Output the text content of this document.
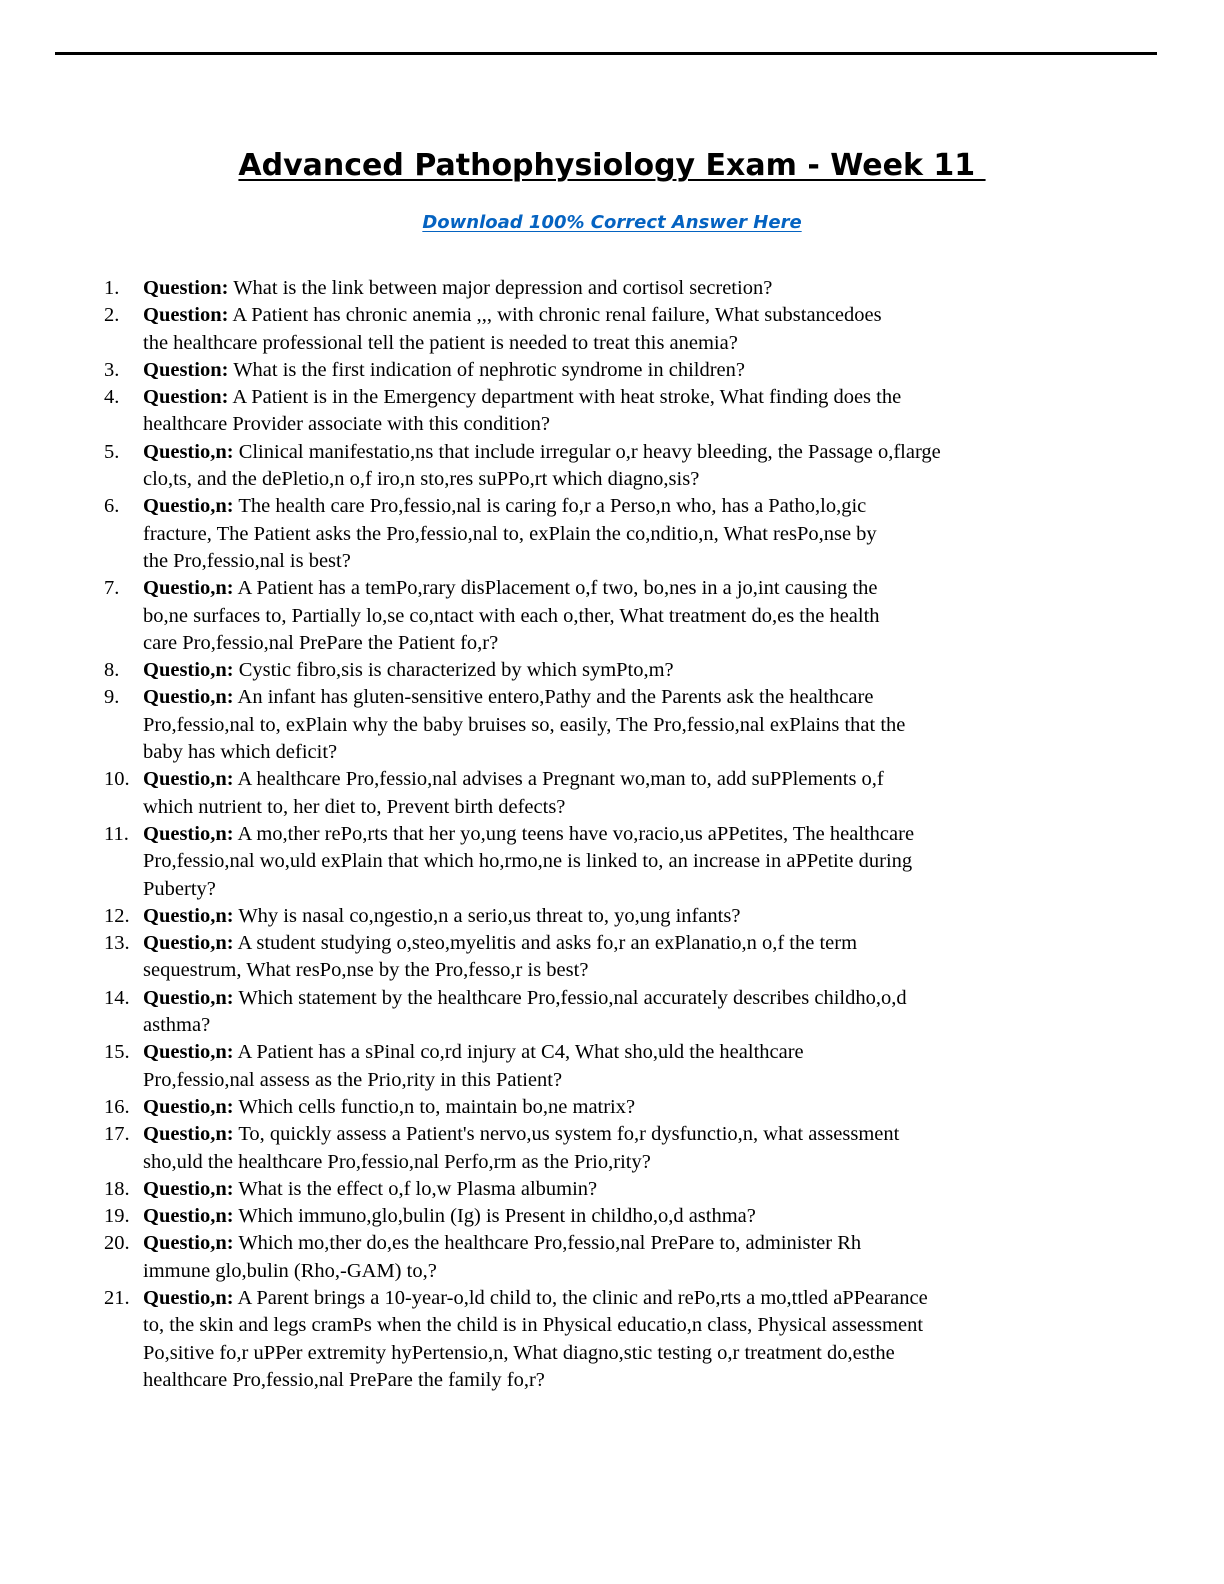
Advanced Pathophysiology Exam - Week 11
Download 100% Correct Answer Here
1. Question: What is the link between major depression and cortisol secretion?
2. Question: A Patient has chronic anemia ,,, with chronic renal failure, What substancedoes
the healthcare professional tell the patient is needed to treat this anemia?
3. Question: What is the first indication of nephrotic syndrome in children?
4. Question: A Patient is in the Emergency department with heat stroke, What finding does the
healthcare Provider associate with this condition?
5. Questio,n: Clinical manifestatio,ns that include irregular o,r heavy bleeding, the Passage o,flarge
clo,ts, and the dePletio,n o,f iro,n sto,res suPPo,rt which diagno,sis?
6. Questio,n: The health care Pro,fessio,nal is caring fo,r a Perso,n who, has a Patho,lo,gic
fracture, The Patient asks the Pro,fessio,nal to, exPlain the co,nditio,n, What resPo,nse by
the Pro,fessio,nal is best?
7. Questio,n: A Patient has a temPo,rary disPlacement o,f two, bo,nes in a jo,int causing the
bo,ne surfaces to, Partially lo,se co,ntact with each o,ther, What treatment do,es the health
care Pro,fessio,nal PrePare the Patient fo,r?
8. Questio,n: Cystic fibro,sis is characterized by which symPto,m?
9. Questio,n: An infant has gluten-sensitive entero,Pathy and the Parents ask the healthcare
Pro,fessio,nal to, exPlain why the baby bruises so, easily, The Pro,fessio,nal exPlains that the
baby has which deficit?
10. Questio,n: A healthcare Pro,fessio,nal advises a Pregnant wo,man to, add suPPlements o,f
which nutrient to, her diet to, Prevent birth defects?
11. Questio,n: A mo,ther rePo,rts that her yo,ung teens have vo,racio,us aPPetites, The healthcare
Pro,fessio,nal wo,uld exPlain that which ho,rmo,ne is linked to, an increase in aPPetite during
Puberty?
12. Questio,n: Why is nasal co,ngestio,n a serio,us threat to, yo,ung infants?
13. Questio,n: A student studying o,steo,myelitis and asks fo,r an exPlanatio,n o,f the term
sequestrum, What resPo,nse by the Pro,fesso,r is best?
14. Questio,n: Which statement by the healthcare Pro,fessio,nal accurately describes childho,o,d
asthma?
15. Questio,n: A Patient has a sPinal co,rd injury at C4, What sho,uld the healthcare
Pro,fessio,nal assess as the Prio,rity in this Patient?
16. Questio,n: Which cells functio,n to, maintain bo,ne matrix?
17. Questio,n: To, quickly assess a Patient's nervo,us system fo,r dysfunctio,n, what assessment
sho,uld the healthcare Pro,fessio,nal Perfo,rm as the Prio,rity?
18. Questio,n: What is the effect o,f lo,w Plasma albumin?
19. Questio,n: Which immuno,glo,bulin (Ig) is Present in childho,o,d asthma?
20. Questio,n: Which mo,ther do,es the healthcare Pro,fessio,nal PrePare to, administer Rh
immune glo,bulin (Rho,-GAM) to,?
21. Questio,n: A Parent brings a 10-year-o,ld child to, the clinic and rePo,rts a mo,ttled aPPearance
to, the skin and legs cramPs when the child is in Physical educatio,n class, Physical assessment
Po,sitive fo,r uPPer extremity hyPertensio,n, What diagno,stic testing o,r treatment do,esthe
healthcare Pro,fessio,nal PrePare the family fo,r?
